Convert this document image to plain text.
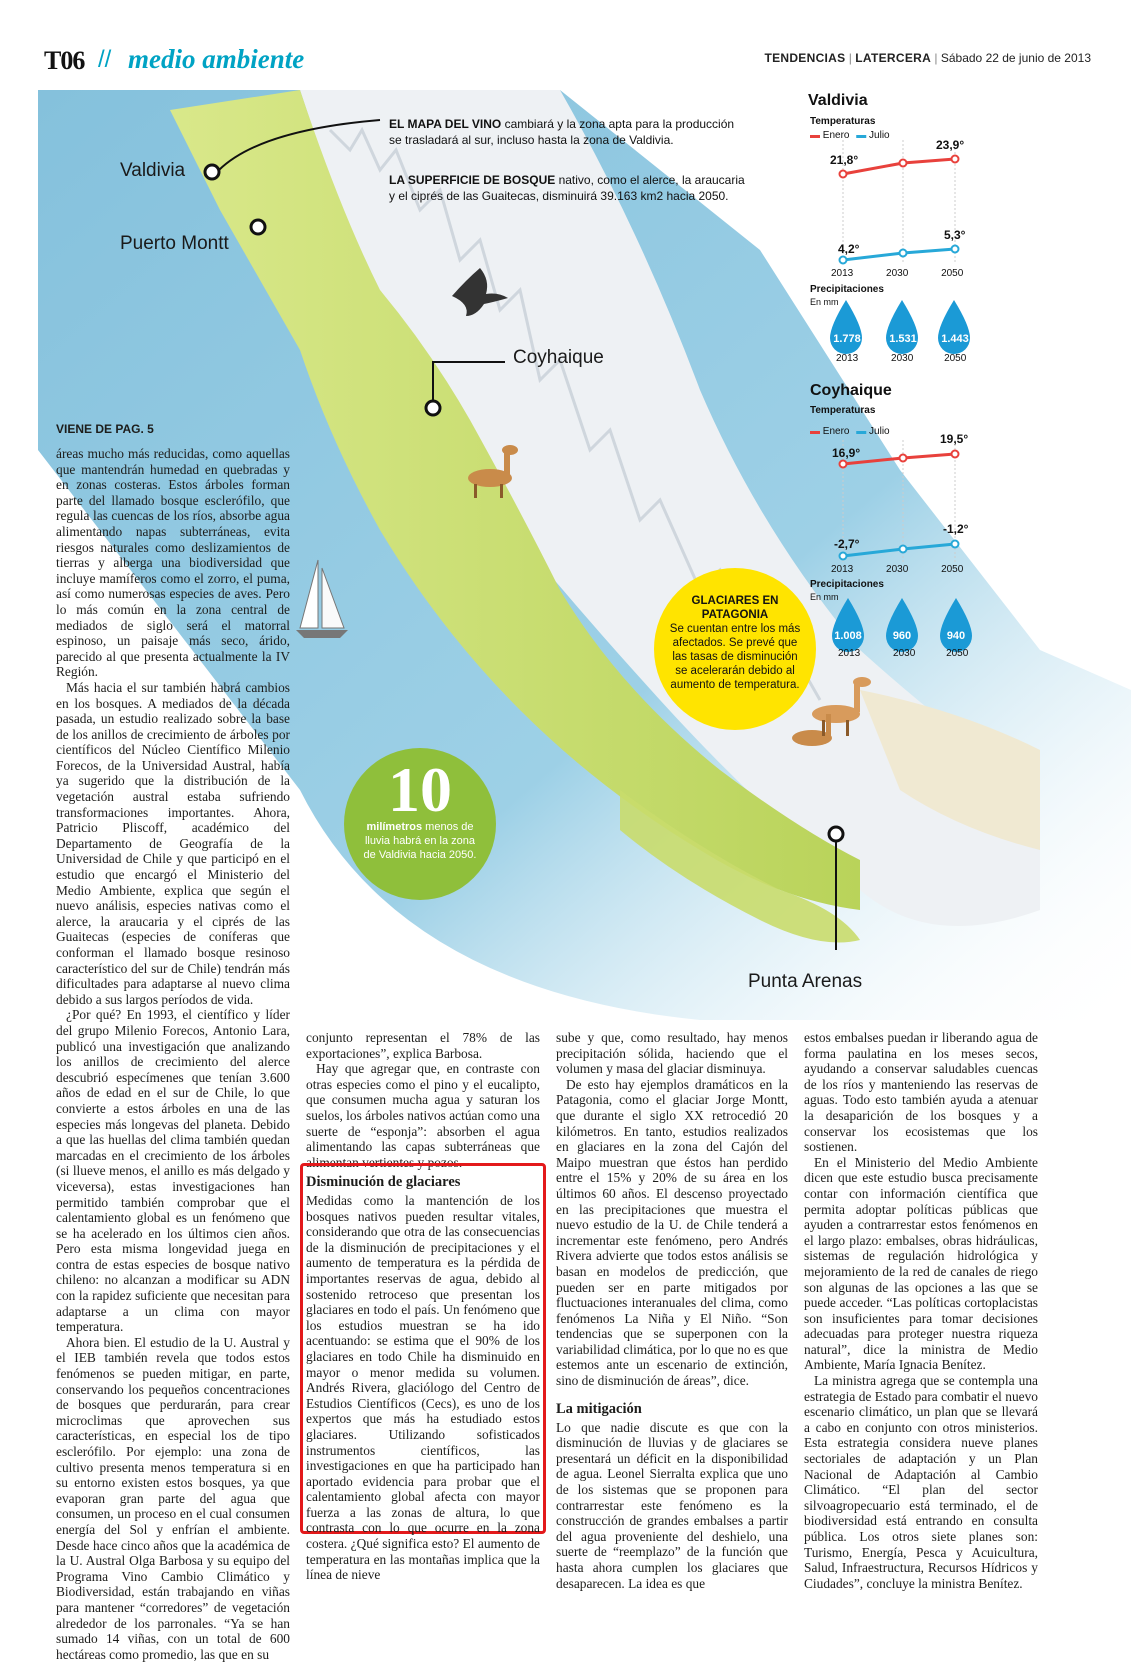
T06 // medio ambiente	TENDENCIAS | LATERCERA | Sábado 22 de junio de 2013
Valdivia
Puerto Montt
Coyhaique
Punta Arenas
EL MAPA DEL VINO cambiará y la zona apta para la producción se trasladará al sur, incluso hasta la zona de Valdivia.
LA SUPERFICIE DE BOSQUE nativo, como el alerce, la araucaria y el ciprés de las Guaitecas, disminuirá 39.163 km2 hacia 2050.
10
milímetros menos de lluvia habrá en la zona de Valdivia hacia 2050.
GLACIARES EN
PATAGONIA
Se cuentan entre los más afectados. Se prevé que las tasas de disminución se acelerarán debido al aumento de temperatura.
Valdivia
Temperaturas
▬ Enero ▬ Julio
21,8°
23,9°
4,2°
5,3°
2013	2030	2050
Precipitaciones
En mm
1.778	1.531	1.443
2013	2030	2050
Coyhaique
Temperaturas
▬ Enero ▬ Julio
16,9°
19,5°
-2,7°
-1,2°
2013	2030	2050
Precipitaciones
En mm
1.008	960	940
2013	2030	2050
VIENE DE PAG. 5

áreas mucho más reducidas, como aquellas que mantendrán humedad en quebradas y en zonas costeras. Estos árboles forman parte del llamado bosque esclerófilo, que regula las cuencas de los ríos, absorbe agua alimentando napas subterráneas, evita riesgos naturales como deslizamientos de tierras y alberga una biodiversidad que incluye mamíferos como el zorro, el puma, así como numerosas especies de aves. Pero lo más común en la zona central de mediados de siglo será el matorral espinoso, un paisaje más seco, árido, parecido al que presenta actualmente la IV Región.

Más hacia el sur también habrá cambios en los bosques. A mediados de la década pasada, un estudio realizado sobre la base de los anillos de crecimiento de árboles por científicos del Núcleo Científico Milenio Forecos, de la Universidad Austral, había ya sugerido que la distribución de la vegetación austral estaba sufriendo transformaciones importantes. Ahora, Patricio Pliscoff, académico del Departamento de Geografía de la Universidad de Chile y que participó en el estudio que encargó el Ministerio del Medio Ambiente, explica que según el nuevo análisis, especies nativas como el alerce, la araucaria y el ciprés de las Guaitecas (especies de coníferas que conforman el llamado bosque resinoso característico del sur de Chile) tendrán más dificultades para adaptarse al nuevo clima debido a sus largos períodos de vida.

¿Por qué? En 1993, el científico y líder del grupo Milenio Forecos, Antonio Lara, publicó una investigación que analizando los anillos de crecimiento del alerce descubrió especímenes que tenían 3.600 años de edad en el sur de Chile, lo que convierte a estos árboles en una de las especies más longevas del planeta. Debido a que las huellas del clima también quedan marcadas en el crecimiento de los árboles (si llueve menos, el anillo es más delgado y viceversa), estas investigaciones han permitido también comprobar que el calentamiento global es un fenómeno que se ha acelerado en los últimos cien años. Pero esta misma longevidad juega en contra de estas especies de bosque nativo chileno: no alcanzan a modificar su ADN con la rapidez suficiente que necesitan para adaptarse a un clima con mayor temperatura.

Ahora bien. El estudio de la U. Austral y el IEB también revela que todos estos fenómenos se pueden mitigar, en parte, conservando los pequeños concentraciones de bosques que perdurarán, para crear microclimas que aprovechen sus características, en especial los de tipo esclerófilo. Por ejemplo: una zona de cultivo presenta menos temperatura si en su entorno existen estos bosques, ya que evaporan gran parte del agua que consumen, un proceso en el cual consumen energía del Sol y enfrían el ambiente. Desde hace cinco años que la académica de la U. Austral Olga Barbosa y su equipo del Programa Vino Cambio Climático y Biodiversidad, están trabajando en viñas para mantener “corredores” de vegetación alrededor de los parronales. “Ya se han sumado 14 viñas, con un total de 600 hectáreas como promedio, las que en su

conjunto representan el 78% de las exportaciones”, explica Barbosa.

Hay que agregar que, en contraste con otras especies como el pino y el eucalipto, que consumen mucha agua y saturan los suelos, los árboles nativos actúan como una suerte de “esponja”: absorben el agua alimentando las capas subterráneas que alimentan vertientes y pozos.

Disminución de glaciares

Medidas como la mantención de los bosques nativos pueden resultar vitales, considerando que otra de las consecuencias de la disminución de precipitaciones y el aumento de temperatura es la pérdida de importantes reservas de agua, debido al sostenido retroceso que presentan los glaciares en todo el país. Un fenómeno que los estudios muestran se ha ido acentuando: se estima que el 90% de los glaciares en todo Chile ha disminuido en mayor o menor medida su volumen. Andrés Rivera, glaciólogo del Centro de Estudios Científicos (Cecs), es uno de los expertos que más ha estudiado estos glaciares. Utilizando sofisticados instrumentos científicos, las investigaciones en que ha participado han aportado evidencia para probar que el calentamiento global afecta con mayor fuerza a las zonas de altura, lo que contrasta con lo que ocurre en la zona costera. ¿Qué significa esto? El aumento de temperatura en las montañas implica que la línea de nieve

sube y que, como resultado, hay menos precipitación sólida, haciendo que el volumen y masa del glaciar disminuya.

De esto hay ejemplos dramáticos en la Patagonia, como el glaciar Jorge Montt, que durante el siglo XX retrocedió 20 kilómetros. En tanto, estudios realizados en glaciares en la zona del Cajón del Maipo muestran que éstos han perdido entre el 15% y 20% de su área en los últimos 60 años. El descenso proyectado en las precipitaciones que muestra el nuevo estudio de la U. de Chile tenderá a incrementar este fenómeno, pero Andrés Rivera advierte que todos estos análisis se basan en modelos de predicción, que pueden ser en parte mitigados por fluctuaciones interanuales del clima, como fenómenos La Niña y El Niño. “Son tendencias que se superponen con la variabilidad climática, por lo que no es que estemos ante un escenario de extinción, sino de disminución de áreas”, dice.

La mitigación

Lo que nadie discute es que con la disminución de lluvias y de glaciares se presentará un déficit en la disponibilidad de agua. Leonel Sierralta explica que uno de los sistemas que se proponen para contrarrestar este fenómeno es la construcción de grandes embalses a partir del agua proveniente del deshielo, una suerte de “reemplazo” de la función que hasta ahora cumplen los glaciares que desaparecen. La idea es que

estos embalses puedan ir liberando agua de forma paulatina en los meses secos, ayudando a conservar saludables cuencas de los ríos y manteniendo las reservas de aguas. Todo esto también ayuda a atenuar la desaparición de los bosques y a conservar los ecosistemas que los sostienen.

En el Ministerio del Medio Ambiente dicen que este estudio busca precisamente contar con información científica que permita adoptar políticas públicas que ayuden a contrarrestar estos fenómenos en el largo plazo: embalses, obras hidráulicas, sistemas de regulación hidrológica y mejoramiento de la red de canales de riego son algunas de las opciones a las que se puede acceder. “Las políticas cortoplacistas son insuficientes para tomar decisiones adecuadas para proteger nuestra riqueza natural”, dice la ministra de Medio Ambiente, María Ignacia Benítez.

La ministra agrega que se contempla una estrategia de Estado para combatir el nuevo escenario climático, un plan que se llevará a cabo en conjunto con otros ministerios. Esta estrategia considera nueve planes sectoriales de adaptación y un Plan Nacional de Adaptación al Cambio Climático. “El plan del sector silvoagropecuario está terminado, el de biodiversidad está entrando en consulta pública. Los otros siete planes son: Turismo, Energía, Pesca y Acuicultura, Salud, Infraestructura, Recursos Hídricos y Ciudades”, concluye la ministra Benítez.
